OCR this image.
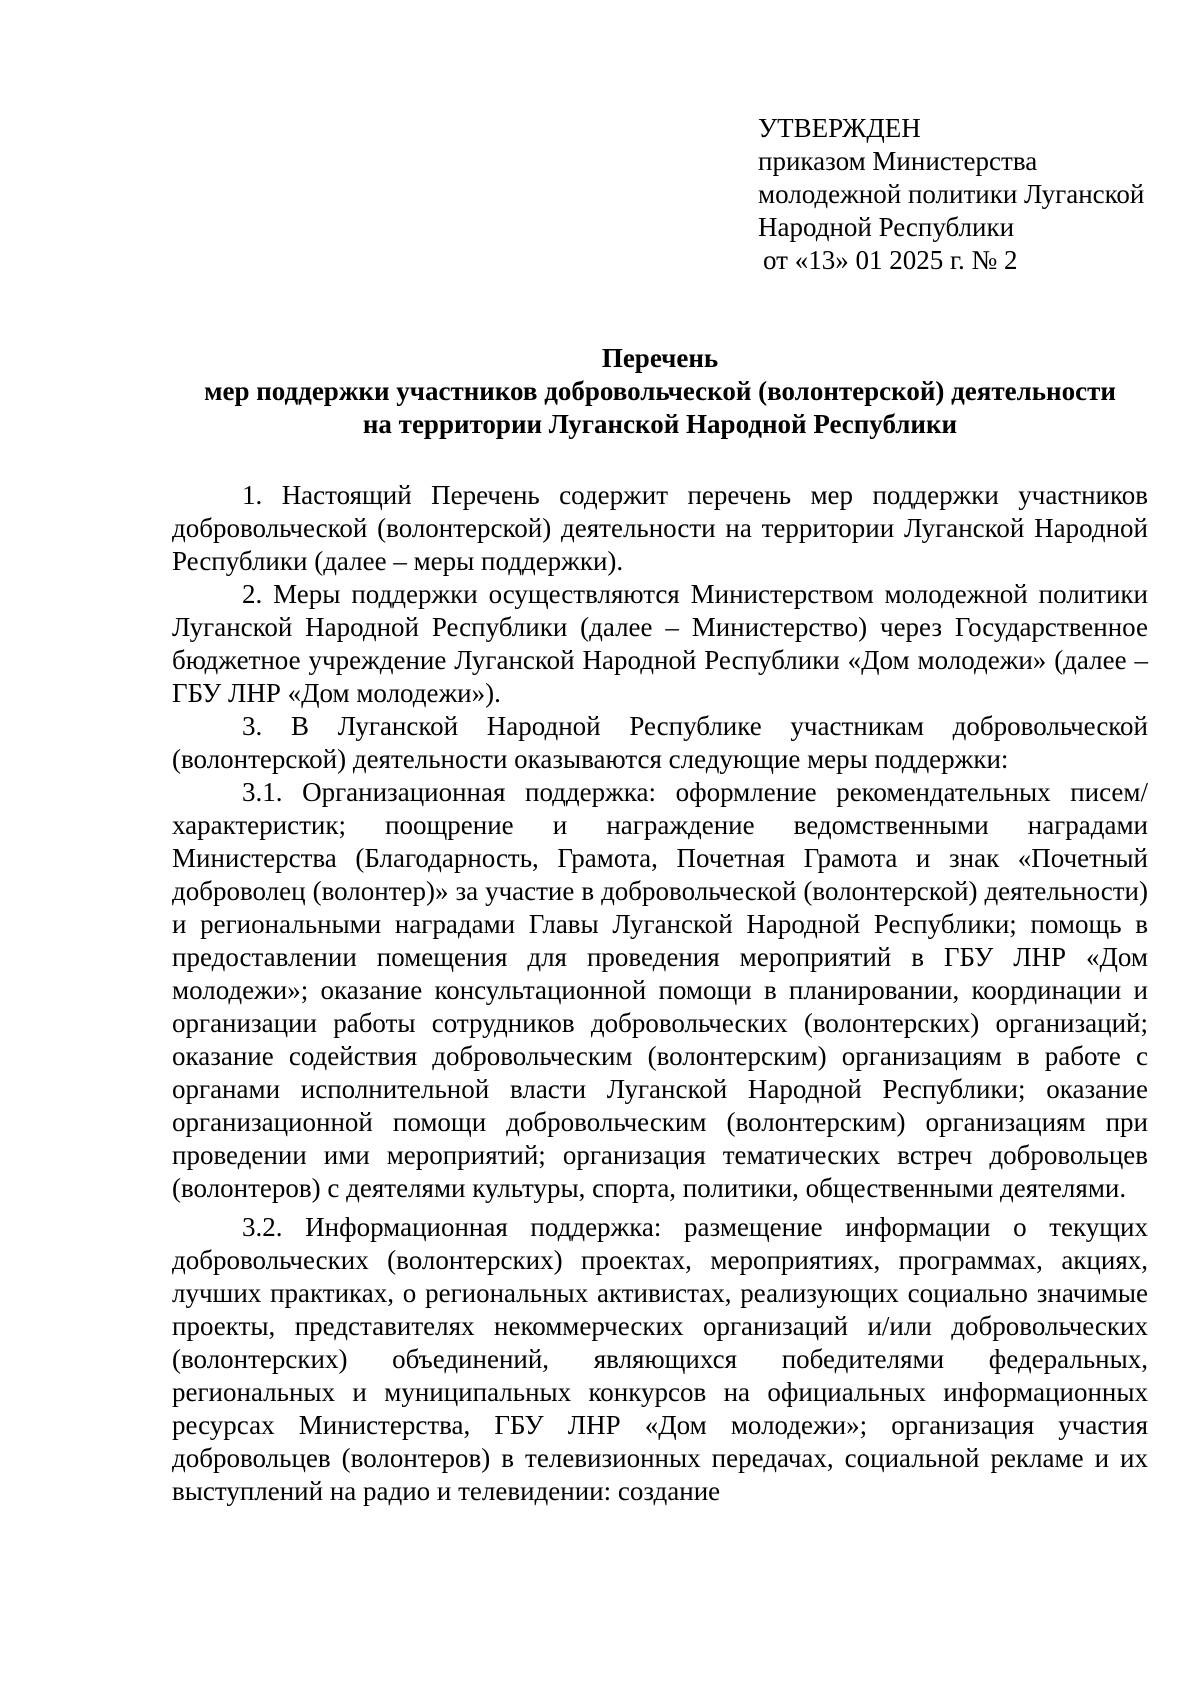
УТВЕРЖДЕН
приказом Министерства
молодежной политики Луганской
Народной Республики
от «13» 01 2025 г. № 2
Перечень
мер поддержки участников добровольческой (волонтерской) деятельности
на территории Луганской Народной Республики

1. Настоящий Перечень содержит перечень мер поддержки участников добровольческой (волонтерской) деятельности на территории Луганской Народной Республики (далее – меры поддержки).

2. Меры поддержки осуществляются Министерством молодежной политики Луганской Народной Республики (далее – Министерство) через Государственное бюджетное учреждение Луганской Народной Республики «Дом молодежи» (далее – ГБУ ЛНР «Дом молодежи»).

3. В Луганской Народной Республике участникам добровольческой (волонтерской) деятельности оказываются следующие меры поддержки:

3.1. Организационная поддержка: оформление рекомендательных писем/характеристик; поощрение и награждение ведомственными наградами Министерства (Благодарность, Грамота, Почетная Грамота и знак «Почетный доброволец (волонтер)» за участие в добровольческой (волонтерской) деятельности) и региональными наградами Главы Луганской Народной Республики; помощь в предоставлении помещения для проведения мероприятий в ГБУ ЛНР «Дом молодежи»; оказание консультационной помощи в планировании, координации и организации работы сотрудников добровольческих (волонтерских) организаций; оказание содействия добровольческим (волонтерским) организациям в работе с органами исполнительной власти Луганской Народной Республики; оказание организационной помощи добровольческим (волонтерским) организациям при проведении ими мероприятий; организация тематических встреч добровольцев (волонтеров) с деятелями культуры, спорта, политики, общественными деятелями.

3.2. Информационная поддержка: размещение информации о текущих добровольческих (волонтерских) проектах, мероприятиях, программах, акциях, лучших практиках, о региональных активистах, реализующих социально значимые проекты, представителях некоммерческих организаций и/или добровольческих (волонтерских) объединений, являющихся победителями федеральных, региональных и муниципальных конкурсов на официальных информационных ресурсах Министерства, ГБУ ЛНР «Дом молодежи»; организация участия добровольцев (волонтеров) в телевизионных передачах, социальной рекламе и их выступлений на радио и телевидении: создание
